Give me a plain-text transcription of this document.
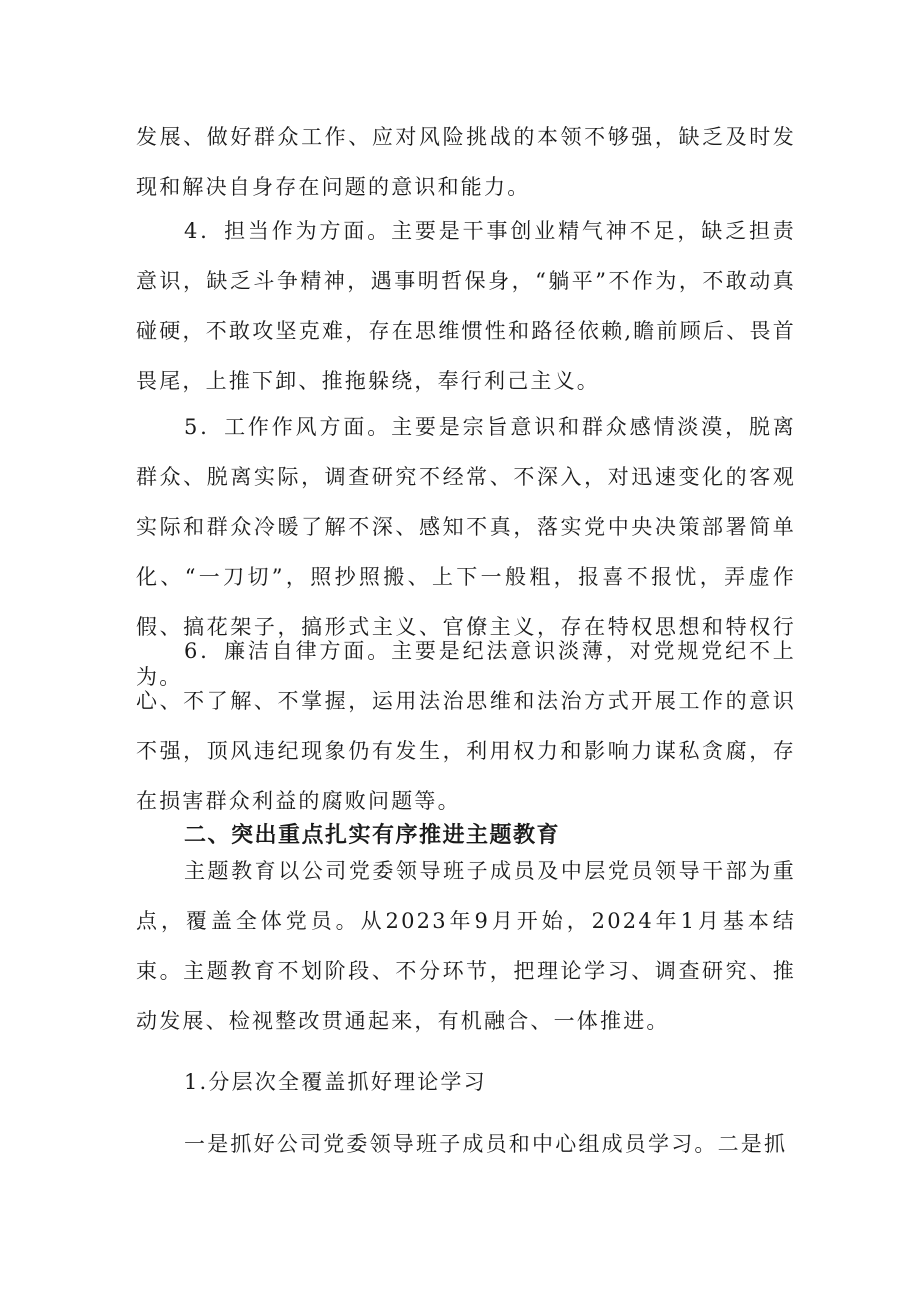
发展、做好群众工作、应对风险挑战的本领不够强，缺乏及时发现和解决自身存在问题的意识和能力。

4．担当作为方面。主要是干事创业精气神不足，缺乏担责意识，缺乏斗争精神，遇事明哲保身，“躺平”不作为，不敢动真碰硬，不敢攻坚克难，存在思维惯性和路径依赖,瞻前顾后、畏首畏尾，上推下卸、推拖躲绕，奉行利己主义。

5．工作作风方面。主要是宗旨意识和群众感情淡漠，脱离群众、脱离实际，调查研究不经常、不深入，对迅速变化的客观实际和群众冷暖了解不深、感知不真，落实党中央决策部署简单化、“一刀切”，照抄照搬、上下一般粗，报喜不报忧，弄虚作假、搞花架子，搞形式主义、官僚主义，存在特权思想和特权行为。

6．廉洁自律方面。主要是纪法意识淡薄，对党规党纪不上心、不了解、不掌握，运用法治思维和法治方式开展工作的意识不强，顶风违纪现象仍有发生，利用权力和影响力谋私贪腐，存在损害群众利益的腐败问题等。

二、突出重点扎实有序推进主题教育

主题教育以公司党委领导班子成员及中层党员领导干部为重点，覆盖全体党员。从2023年9月开始，2024年1月基本结束。主题教育不划阶段、不分环节，把理论学习、调查研究、推动发展、检视整改贯通起来，有机融合、一体推进。

1.分层次全覆盖抓好理论学习

一是抓好公司党委领导班子成员和中心组成员学习。二是抓
